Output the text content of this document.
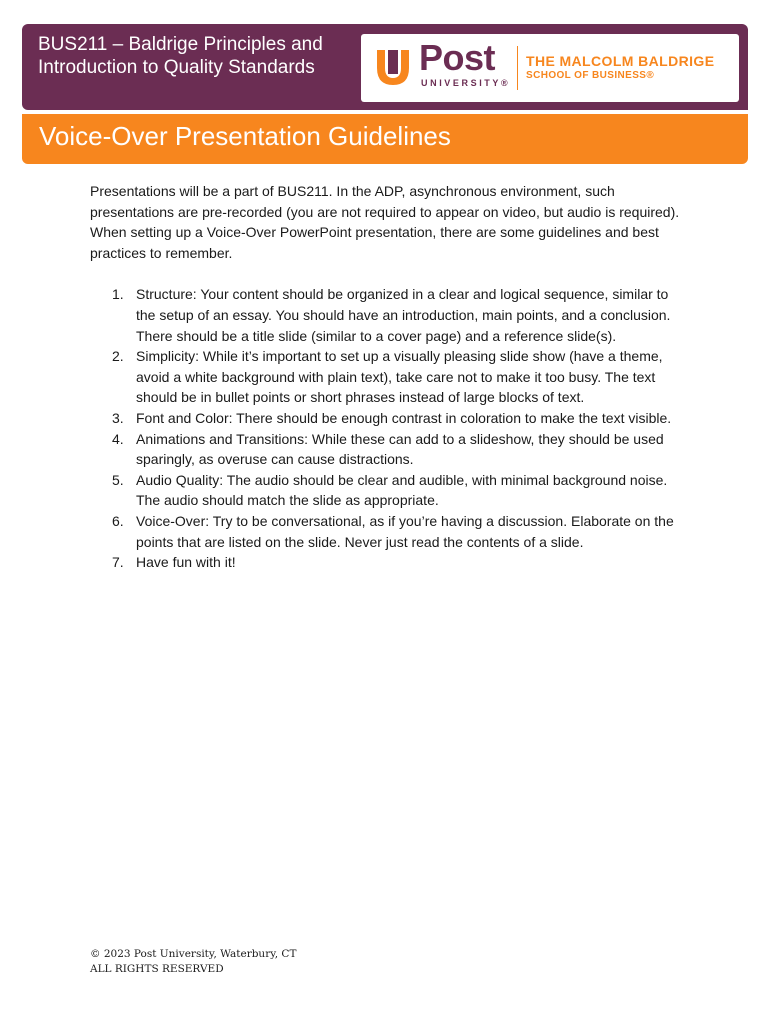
BUS211 – Baldrige Principles and
Introduction to Quality Standards	Post
UNIVERSITY®
THE MALCOLM BALDRIGE
SCHOOL OF BUSINESS®
Voice-Over Presentation Guidelines

Presentations will be a part of BUS211. In the ADP, asynchronous environment, such presentations are pre-recorded (you are not required to appear on video, but audio is required). When setting up a Voice-Over PowerPoint presentation, there are some guidelines and best practices to remember.

1. Structure: Your content should be organized in a clear and logical sequence, similar to the setup of an essay. You should have an introduction, main points, and a conclusion. There should be a title slide (similar to a cover page) and a reference slide(s).
2. Simplicity: While it’s important to set up a visually pleasing slide show (have a theme, avoid a white background with plain text), take care not to make it too busy. The text should be in bullet points or short phrases instead of large blocks of text.
3. Font and Color: There should be enough contrast in coloration to make the text visible.
4. Animations and Transitions: While these can add to a slideshow, they should be used sparingly, as overuse can cause distractions.
5. Audio Quality: The audio should be clear and audible, with minimal background noise. The audio should match the slide as appropriate.
6. Voice-Over: Try to be conversational, as if you’re having a discussion. Elaborate on the points that are listed on the slide. Never just read the contents of a slide.
7. Have fun with it!
© 2023 Post University, Waterbury, CT
ALL RIGHTS RESERVED
